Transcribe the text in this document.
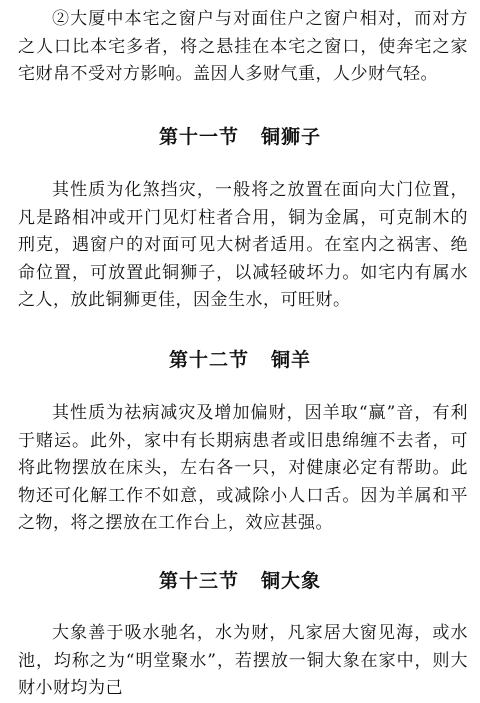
②大厦中本宅之窗户与对面住户之窗户相对，而对方之人口比本宅多者，将之悬挂在本宅之窗口，使奔宅之家宅财帛不受对方影响。盖因人多财气重，人少财气轻。

第十一节 铜狮子

其性质为化煞挡灾，一般将之放置在面向大门位置，凡是路相冲或开门见灯柱者合用，铜为金属，可克制木的刑克，遇窗户的对面可见大树者适用。在室内之祸害、绝命位置，可放置此铜狮子，以减轻破坏力。如宅内有属水之人，放此铜狮更佳，因金生水，可旺财。

第十二节 铜羊

其性质为祛病减灾及增加偏财，因羊取“赢”音，有利于赌运。此外，家中有长期病患者或旧患绵缠不去者，可将此物摆放在床头，左右各一只，对健康必定有帮助。此物还可化解工作不如意，或减除小人口舌。因为羊属和平之物，将之摆放在工作台上，效应甚强。

第十三节 铜大象

大象善于吸水驰名，水为财，凡家居大窗见海，或水池，均称之为“明堂聚水”，若摆放一铜大象在家中，则大财小财均为己
